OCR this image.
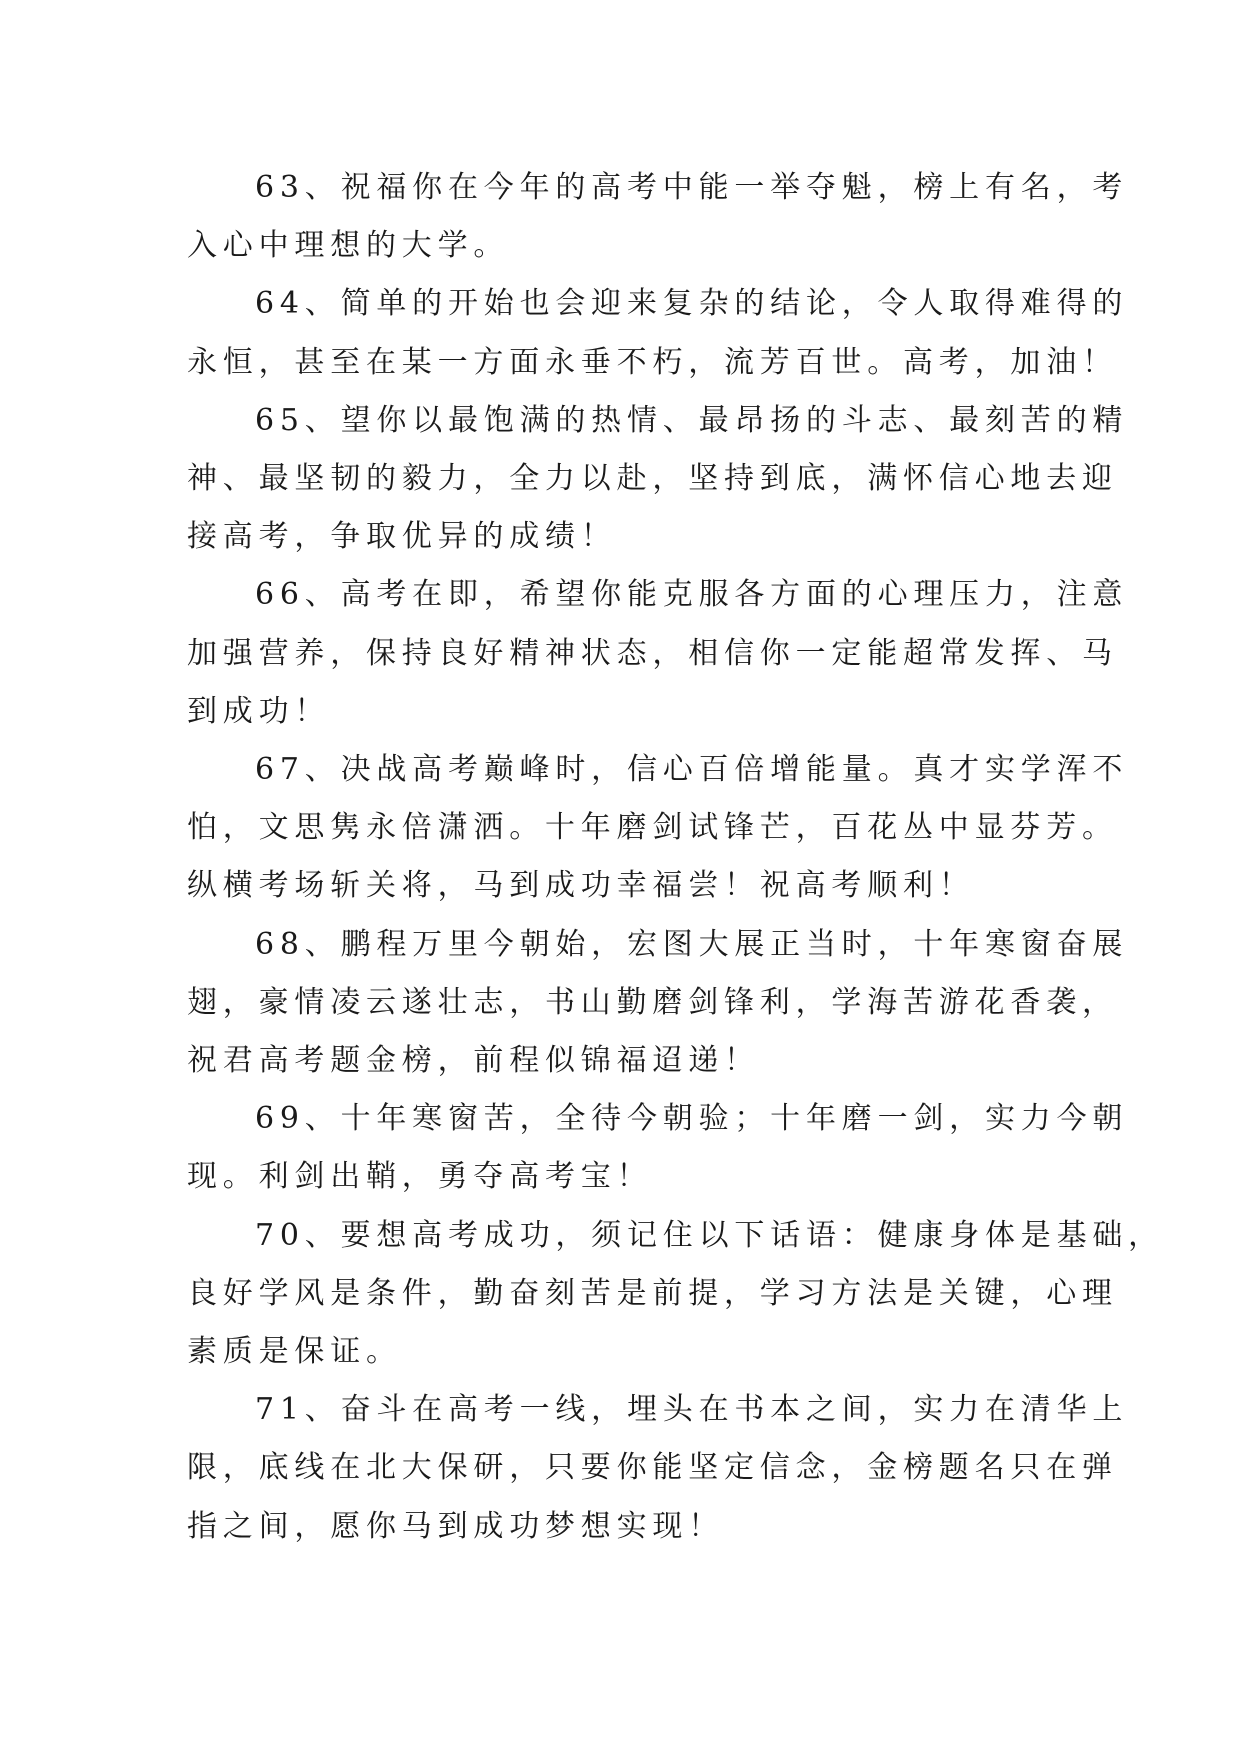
63、祝福你在今年的高考中能一举夺魁，榜上有名，考
入心中理想的大学。

64、简单的开始也会迎来复杂的结论，令人取得难得的
永恒，甚至在某一方面永垂不朽，流芳百世。高考，加油！

65、望你以最饱满的热情、最昂扬的斗志、最刻苦的精
神、最坚韧的毅力，全力以赴，坚持到底，满怀信心地去迎
接高考，争取优异的成绩！

66、高考在即，希望你能克服各方面的心理压力，注意
加强营养，保持良好精神状态，相信你一定能超常发挥、马
到成功！

67、决战高考巅峰时，信心百倍增能量。真才实学浑不
怕，文思隽永倍潇洒。十年磨剑试锋芒，百花丛中显芬芳。
纵横考场斩关将，马到成功幸福尝！祝高考顺利！

68、鹏程万里今朝始，宏图大展正当时，十年寒窗奋展
翅，豪情凌云遂壮志，书山勤磨剑锋利，学海苦游花香袭，
祝君高考题金榜，前程似锦福迢递！

69、十年寒窗苦，全待今朝验；十年磨一剑，实力今朝
现。利剑出鞘，勇夺高考宝！

70、要想高考成功，须记住以下话语：健康身体是基础，
良好学风是条件，勤奋刻苦是前提，学习方法是关键，心理
素质是保证。

71、奋斗在高考一线，埋头在书本之间，实力在清华上
限，底线在北大保研，只要你能坚定信念，金榜题名只在弹
指之间，愿你马到成功梦想实现！
